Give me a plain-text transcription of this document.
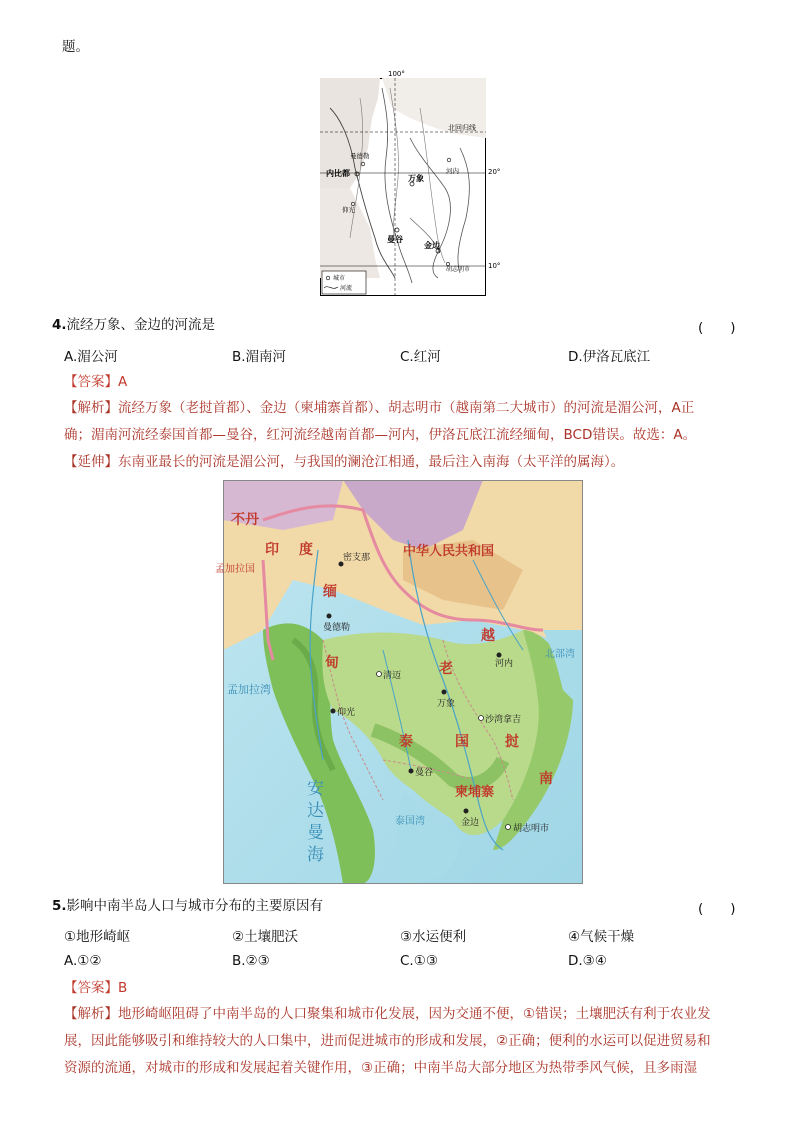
题。
100°
北回归线
20°
10°
曼德勒
内比都
仰光
曼谷
万象
河内
金边
胡志明市
城市
河流
4.流经万象、金边的河流是	(　　)
A.湄公河	B.湄南河	C.红河	D.伊洛瓦底江
【答案】A
【解析】流经万象（老挝首都）、金边（柬埔寨首都）、胡志明市（越南第二大城市）的河流是湄公河，A正
确；湄南河流经泰国首都—曼谷，红河流经越南首都—河内，伊洛瓦底江流经缅甸，BCD错误。故选：A。
【延伸】东南亚最长的河流是湄公河，与我国的澜沧江相通，最后注入南海（太平洋的属海）。
不丹
印 度	中华人民共和国
缅
甸	老
越
泰	国	挝
南
柬埔寨
孟加拉国
孟加拉湾
安
达
曼
海
北部湾
泰国湾
密支那
曼德勒
清迈
河内
仰光
万象
沙湾拿吉
曼谷
金边
胡志明市
5.影响中南半岛人口与城市分布的主要原因有	(　　)
①地形崎岖	②土壤肥沃	③水运便利	④气候干燥
A.①②	B.②③	C.①③	D.③④
【答案】B
【解析】地形崎岖阻碍了中南半岛的人口聚集和城市化发展，因为交通不便，①错误；土壤肥沃有利于农业发
展，因此能够吸引和维持较大的人口集中，进而促进城市的形成和发展，②正确；便利的水运可以促进贸易和
资源的流通，对城市的形成和发展起着关键作用，③正确；中南半岛大部分地区为热带季风气候，且多雨湿
